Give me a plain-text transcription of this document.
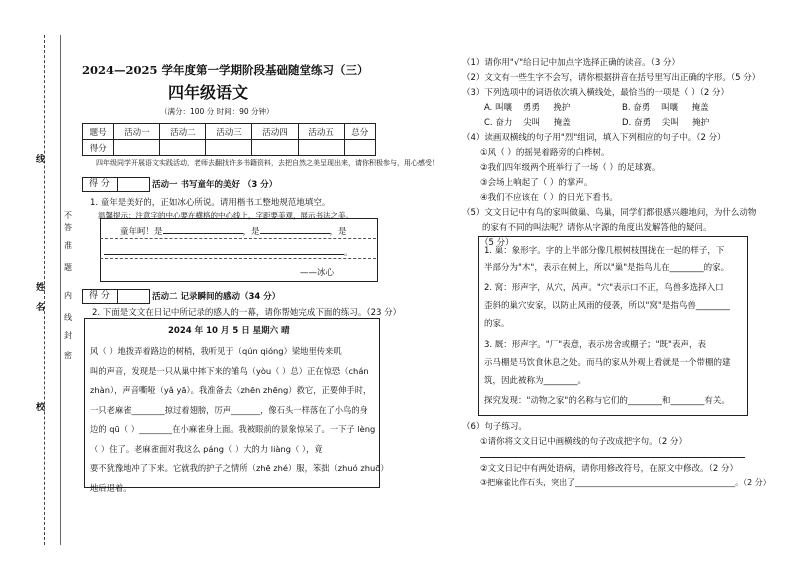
线
姓
名
不
准
答
题
内
线
封
密
校
2024—2025 学年度第一学期阶段基础随堂练习（三）
四年级语文
（满分：100 分 时间：90 分钟）
题号	活动一	活动二	活动三	活动四	活动五	总分
得分						
四年级同学开展语文实践活动，老师去翻找许多书籍资料，去把自然之美呈现出来，请你积极参与，用心感受！
得 分	活动一 书写童年的美好 （3 分）
1. 童年是美好的，正如冰心所说。请用楷书工整地规范地填空。
温馨提示：注意字的中心要在横格的中心线上，字距要美观，展示书法之美。
童年呵！是	，是	，是
。
——冰心
得 分	活动二 记录瞬间的感动（34 分）
2. 下面是文文在日记中所记录的感人的一幕，请你帮她完成下面的练习。（23 分）
2024 年 10 月 5 日 星期六 晴
风（ ）地拨弄着路边的树梢，我听见于（qún qióng）梁地里传来叽
叫的声音，发现是一只从巢中摔下来的雏鸟（yòu（ ）总）正在惊恐（chán
zhàn），声音嘶哑（yǎ yā）。我准备去（zhēn zhēng）救它，正要伸手时，
一只老麻雀________掠过着翅膀，厉声_______，像石头一样落在了小鸟的身
边的 qū（ ）________在小麻雀身上面。我被眼前的景象惊呆了。一下子 lèng
（ ）住了。老麻雀面对我这么 páng（ ）大的力 liàng（ ），竟
要不犹豫地冲了下来。它就我的护子之情所（zhē zhé）服，笨拙（zhuó zhuō）
地后退着。
（1）请你用"√"给日记中加点字选择正确的读音。（3 分）
（2）文文有一些生字不会写，请你根据拼音在括号里写出正确的字形。（5 分）
（3）下列选项中的词语依次填入横线处，最恰当的一项是（ ）（2 分）
A. 叫嚷 勇勇 挽护	B. 奋勇 叫嚷 掩盖
C. 奋力 尖叫 掩盖	D. 奋勇 尖叫 掩护
（4）读画双横线的句子用"烈"组词，填入下列相应的句子中。（2 分）
①风（ ）的摇晃着路旁的白桦树。
②我们四年级两个班举行了一场（ ）的足球赛。
③会场上响起了（ ）的掌声。
④我们不应该在（ ）的日光下看书。
（5）文文日记中有鸟的家叫做巢、鸟巢，同学们都很感兴趣地问，为什么动物
的家有不同的叫法呢？请你从字源的角度出发解答他的疑问。
（5 分）
1. 巢：象形字。字的上半部分像几根树枝围拢在一起的样子，下
半部分为"木"，表示在树上，所以"巢"是指鸟儿在________的家。
2. 窝：形声字，从穴，呙声。"穴"表示口不正，鸟兽多选择入口
歪斜的巢穴安家，以防止风雨的侵袭，所以"窝"是指鸟兽________
的家。
3. 厩：形声字。"厂"表意，表示房舍或棚子；"既"表声，表
示马棚是马饮食休息之处。而马的家从外观上看就是一个带棚的建
筑，因此被称为________。
探究发现："动物之家"的名称与它们的________和________有关。
（6）句子练习。
①请你将文文日记中画横线的句子改成把字句。（2 分）
②文文日记中有两处语病，请你用修改符号，在原文中修改。（2 分）
③把麻雀比作石头，突出了________________________________________。（2 分）
